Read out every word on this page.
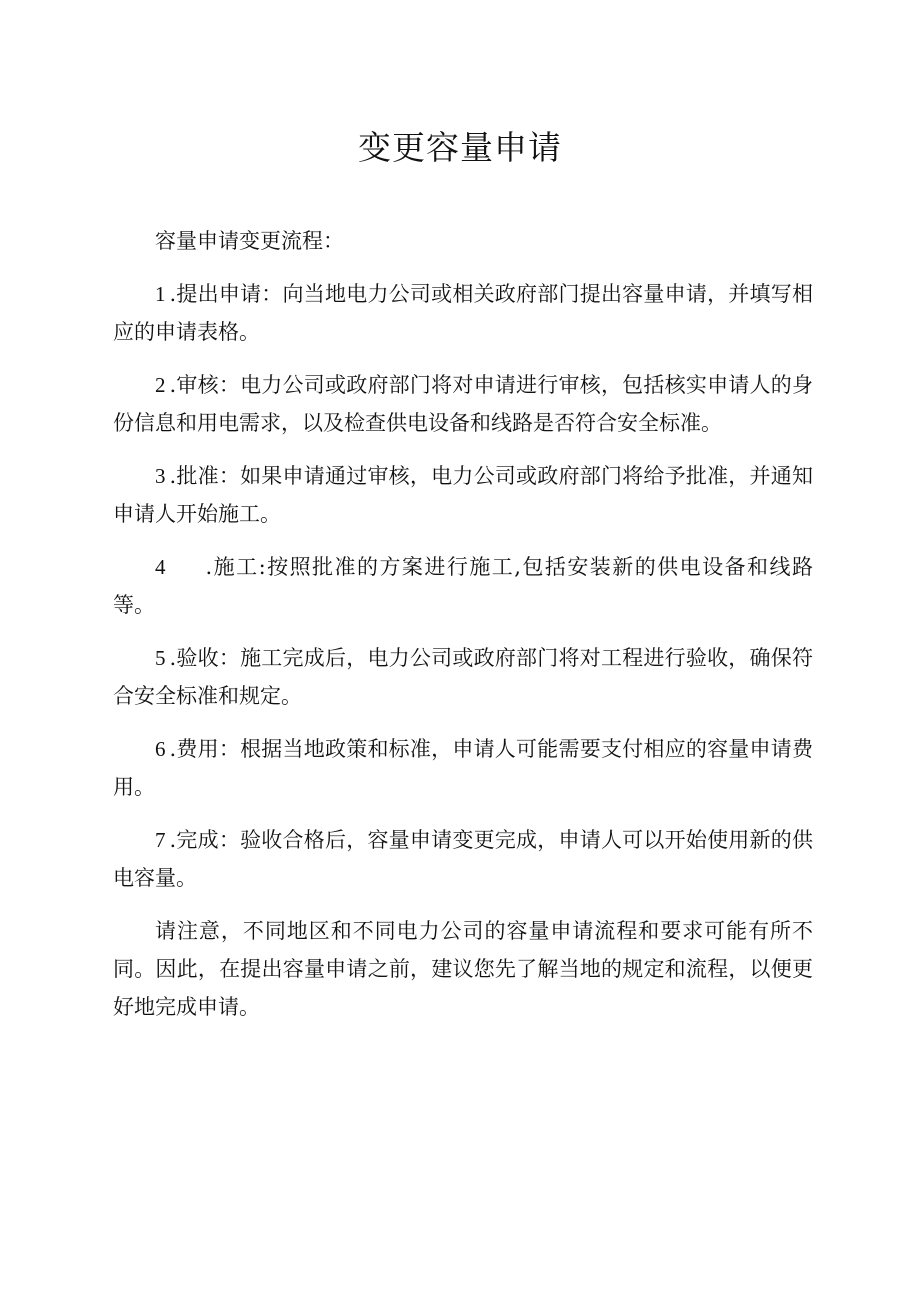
变更容量申请

容量申请变更流程：

1 .提出申请：向当地电力公司或相关政府部门提出容量申请，并填写相应的申请表格。

2 .审核：电力公司或政府部门将对申请进行审核，包括核实申请人的身份信息和用电需求，以及检查供电设备和线路是否符合安全标准。

3 .批准：如果申请通过审核，电力公司或政府部门将给予批准，并通知申请人开始施工。

4 .施工:按照批准的方案进行施工,包括安装新的供电设备和线路等。

5 .验收：施工完成后，电力公司或政府部门将对工程进行验收，确保符合安全标准和规定。

6 .费用：根据当地政策和标准，申请人可能需要支付相应的容量申请费用。

7 .完成：验收合格后，容量申请变更完成，申请人可以开始使用新的供电容量。

请注意，不同地区和不同电力公司的容量申请流程和要求可能有所不同。因此，在提出容量申请之前，建议您先了解当地的规定和流程，以便更好地完成申请。
